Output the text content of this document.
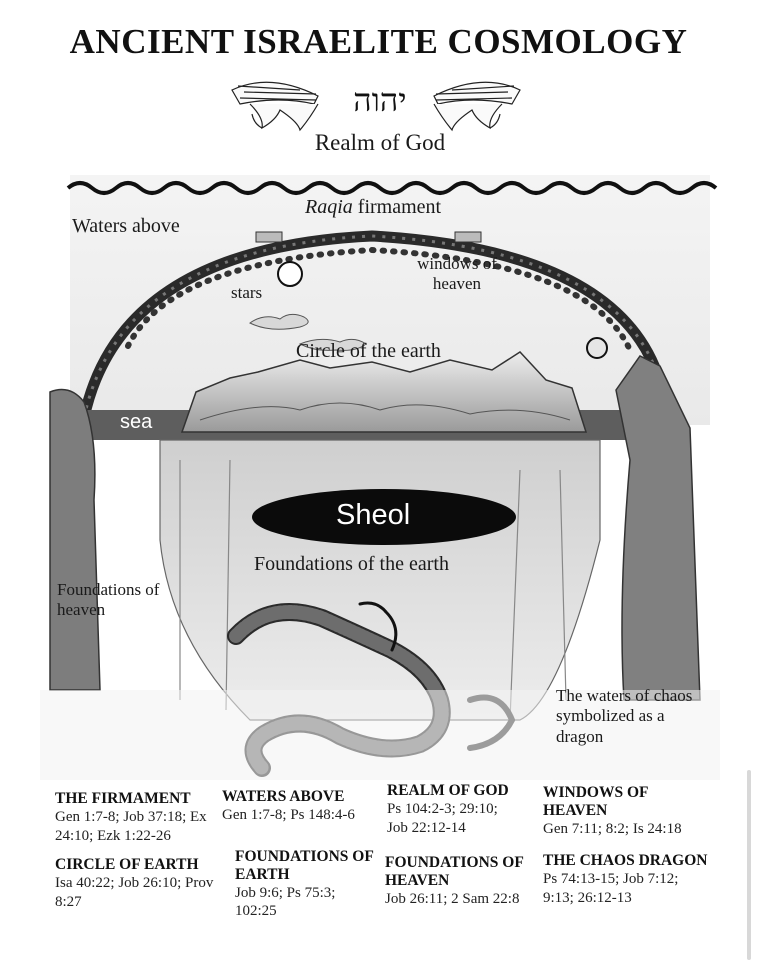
ANCIENT ISRAELITE COSMOLOGY
יהוה
Realm of God
Waters above
Raqia firmament
windows of heaven
stars
Circle of the earth
sea
Sheol
Foundations of the earth
Foundations of heaven
The waters of chaos symbolized as a dragon
THE FIRMAMENT
Gen 1:7-8; Job 37:18; Ex 24:10; Ezk 1:22-26
WATERS ABOVE
Gen 1:7-8; Ps 148:4-6
REALM OF GOD
Ps 104:2-3; 29:10; Job 22:12-14
WINDOWS OF HEAVEN
Gen 7:11; 8:2; Is 24:18
CIRCLE OF EARTH
Isa 40:22; Job 26:10; Prov 8:27
FOUNDATIONS OF EARTH
Job 9:6; Ps 75:3; 102:25
FOUNDATIONS OF HEAVEN
Job 26:11; 2 Sam 22:8
THE CHAOS DRAGON
Ps 74:13-15; Job 7:12; 9:13; 26:12-13
